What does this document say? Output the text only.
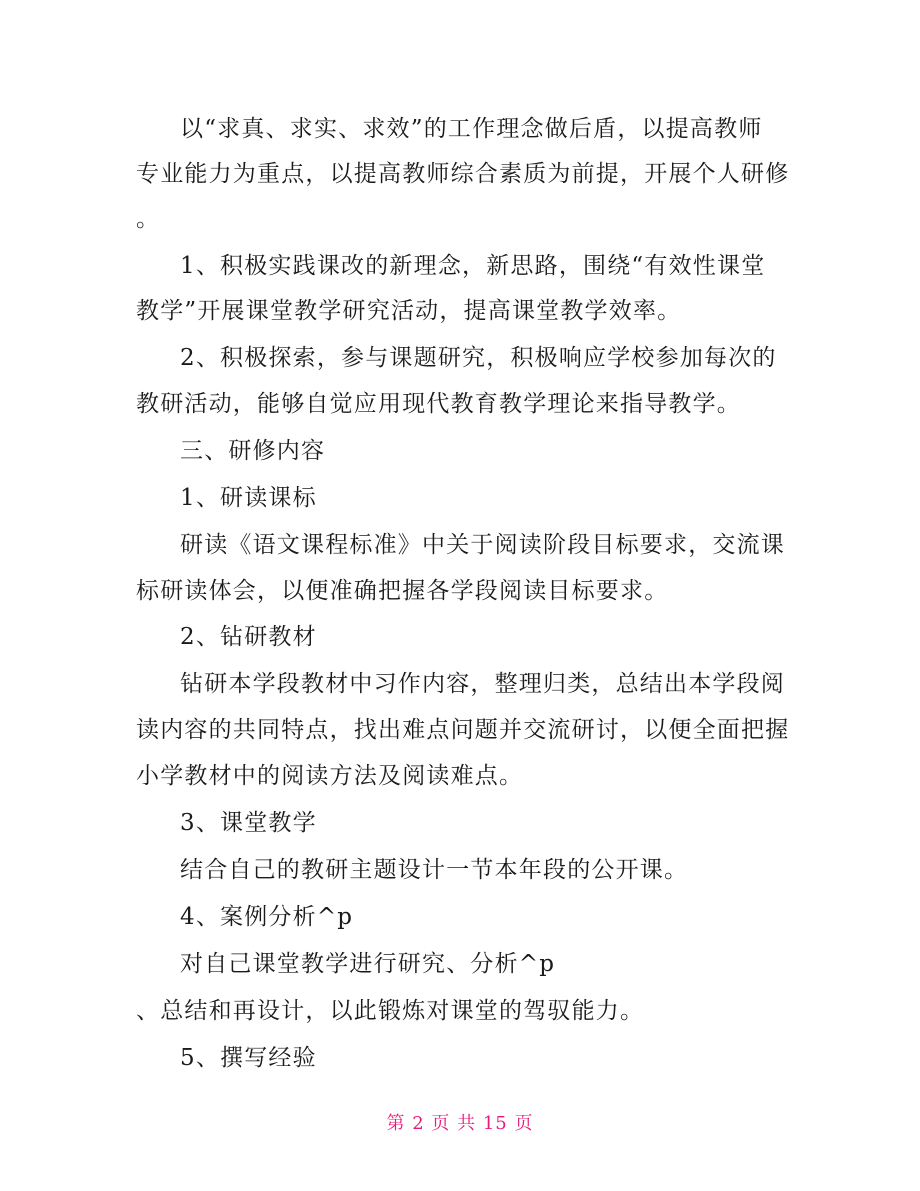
以“求真、求实、求效”的工作理念做后盾，以提高教师
专业能力为重点，以提高教师综合素质为前提，开展个人研修
。
1、积极实践课改的新理念，新思路，围绕“有效性课堂
教学”开展课堂教学研究活动，提高课堂教学效率。
2、积极探索，参与课题研究，积极响应学校参加每次的
教研活动，能够自觉应用现代教育教学理论来指导教学。
三、研修内容
1、研读课标
研读《语文课程标准》中关于阅读阶段目标要求，交流课
标研读体会，以便准确把握各学段阅读目标要求。
2、钻研教材
钻研本学段教材中习作内容，整理归类，总结出本学段阅
读内容的共同特点，找出难点问题并交流研讨，以便全面把握
小学教材中的阅读方法及阅读难点。
3、课堂教学
结合自己的教研主题设计一节本年段的公开课。
4、案例分析^p
对自己课堂教学进行研究、分析^p
、总结和再设计，以此锻炼对课堂的驾驭能力。
5、撰写经验
第 2 页 共 15 页
